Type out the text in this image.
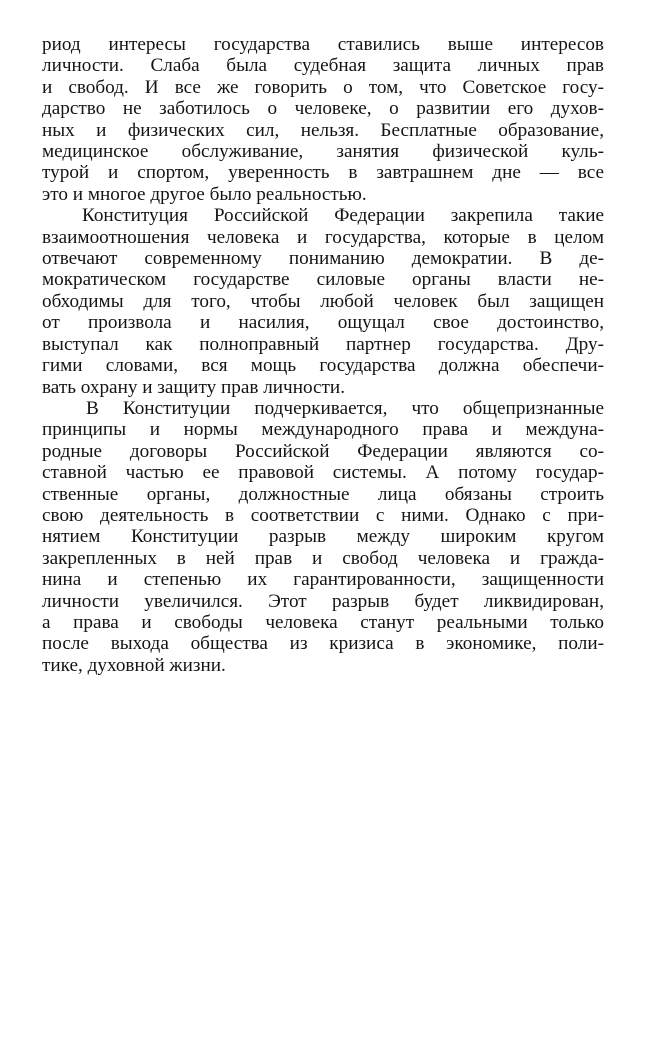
риод интересы государства ставились выше интересов
личности. Слаба была судебная защита личных прав
и свобод. И все же говорить о том, что Советское госу-
дарство не заботилось о человеке, о развитии его духов-
ных и физических сил, нельзя. Бесплатные образование,
медицинское обслуживание, занятия физической куль-
турой и спортом, уверенность в завтрашнем дне — все
это и многое другое было реальностью.
Конституция Российской Федерации закрепила такие
взаимоотношения человека и государства, которые в целом
отвечают современному пониманию демократии. В де-
мократическом государстве силовые органы власти не-
обходимы для того, чтобы любой человек был защищен
от произвола и насилия, ощущал свое достоинство,
выступал как полноправный партнер государства. Дру-
гими словами, вся мощь государства должна обеспечи-
вать охрану и защиту прав личности.
В Конституции подчеркивается, что общепризнанные
принципы и нормы международного права и междуна-
родные договоры Российской Федерации являются со-
ставной частью ее правовой системы. А потому государ-
ственные органы, должностные лица обязаны строить
свою деятельность в соответствии с ними. Однако с при-
нятием Конституции разрыв между широким кругом
закрепленных в ней прав и свобод человека и гражда-
нина и степенью их гарантированности, защищенности
личности увеличился. Этот разрыв будет ликвидирован,
а права и свободы человека станут реальными только
после выхода общества из кризиса в экономике, поли-
тике, духовной жизни.
